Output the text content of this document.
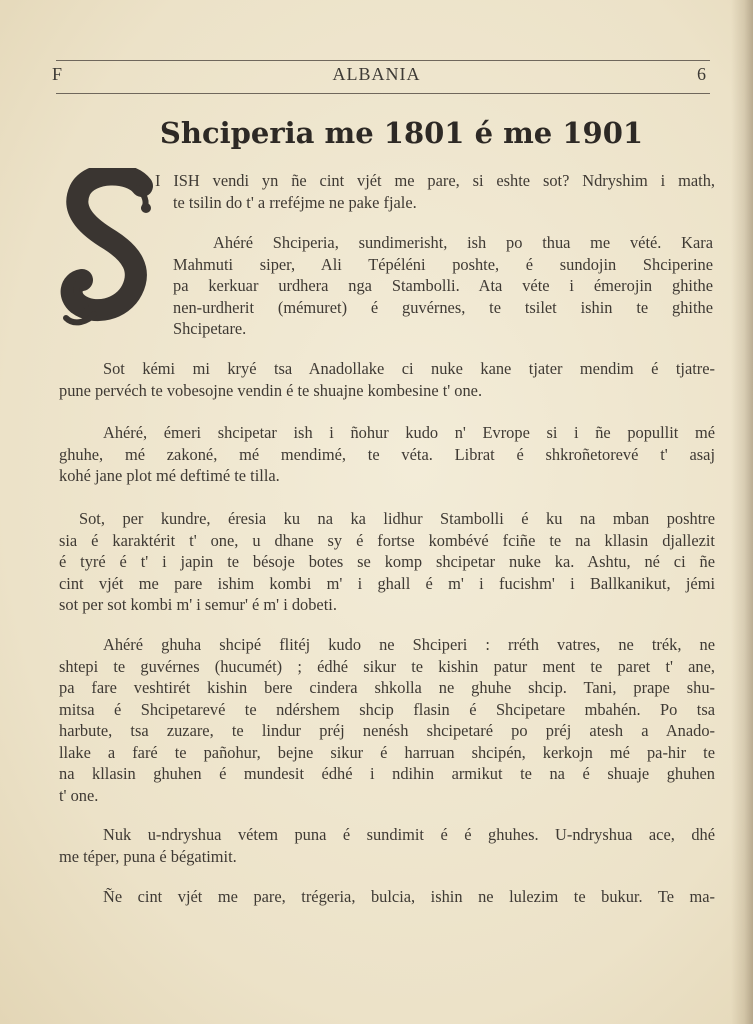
F	ALBANIA	6
Shciperia me 1801 é me 1901
I ISH vendi yn ñe cint vjét me pare, si eshte sot? Ndryshim i math,
te tsilin do t' a rreféjme ne pake fjale.
Ahéré Shciperia, sundimerisht, ish po thua me vété. Kara
Mahmuti siper, Ali Tépéléni poshte, é sundojin Shciperine
pa kerkuar urdhera nga Stambolli. Ata véte i émerojin ghithe
nen-urdherit (mémuret) é guvérnes, te tsilet ishin te ghithe
Shcipetare.
Sot kémi mi kryé tsa Anadollake ci nuke kane tjater mendim é tjatre-
pune pervéch te vobesojne vendin é te shuajne kombesine t' one.
Ahéré, émeri shcipetar ish i ñohur kudo n' Evrope si i ñe popullit mé
ghuhe, mé zakoné, mé mendimé, te véta. Librat é shkroñetorevé t' asaj
kohé jane plot mé deftimé te tilla.
Sot, per kundre, éresia ku na ka lidhur Stambolli é ku na mban poshtre
sia é karaktérit t' one, u dhane sy é fortse kombévé fciñe te na kllasin djallezit
é tyré é t' i japin te bésoje botes se komp shcipetar nuke ka. Ashtu, né ci ñe
cint vjét me pare ishim kombi m' i ghall é m' i fucishm' i Ballkanikut, jémi
sot per sot kombi m' i semur' é m' i dobeti.
Ahéré ghuha shcipé flitéj kudo ne Shciperi : rréth vatres, ne trék, ne
shtepi te guvérnes (hucumét) ; édhé sikur te kishin patur ment te paret t' ane,
pa fare veshtirét kishin bere cindera shkolla ne ghuhe shcip. Tani, prape shu-
mitsa é Shcipetarevé te ndérshem shcip flasin é Shcipetare mbahén. Po tsa
harbute, tsa zuzare, te lindur préj nenésh shcipetaré po préj atesh a Anado-
llake a faré te pañohur, bejne sikur é harruan shcipén, kerkojn mé pa-hir te
na kllasin ghuhen é mundesit édhé i ndihin armikut te na é shuaje ghuhen
t' one.
Nuk u-ndryshua vétem puna é sundimit é é ghuhes. U-ndryshua ace, dhé
me téper, puna é bégatimit.
Ñe cint vjét me pare, trégeria, bulcia, ishin ne lulezim te bukur. Te ma-
